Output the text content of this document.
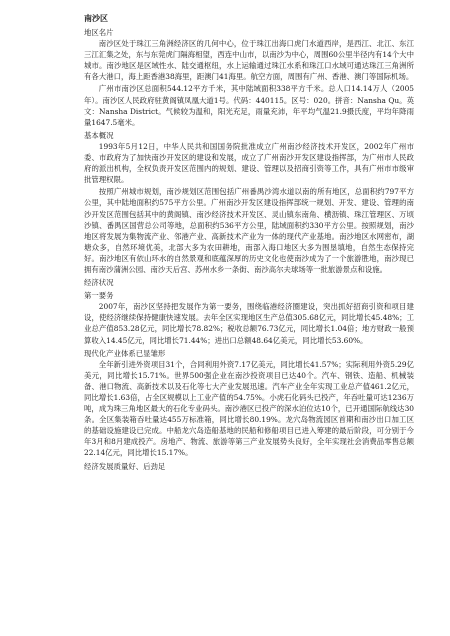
南沙区
地区名片

南沙区处于珠江三角洲经济区的几何中心，位于珠江出海口虎门水道西岸，是西江、北江、东江三江汇集之处，东与东莞虎门隔海相望，西连中山市，以南沙为中心，周围60公里半径内有14个大中城市。南沙地区是区域性水、陆交通枢纽，水上运输通过珠江水系和珠江口水域可通达珠江三角洲所有各大港口，海上距香港38海里，距澳门41海里。航空方面，周围有广州、香港、澳门等国际机场。

广州市南沙区总面积544.12平方千米，其中陆域面积338平方千米。总人口14.14万人（2005年）。南沙区人民政府驻黄阁镇凤凰大道1号。代码：440115。区号：020。拼音：Nansha Qu。英文：Nansha District。气候较为温和，阳光充足，雨量充沛，年平均气温21.9摄氏度，平均年降雨量1647.5毫米。

基本概况

1993年5月12日，中华人民共和国国务院批准成立广州南沙经济技术开发区，2002年广州市委、市政府为了加快南沙开发区的建设和发展，成立了广州南沙开发区建设指挥部，为广州市人民政府的派出机构，全权负责开发区范围内的规划、建设、管理以及招商引资等工作，具有广州市市级审批管理权限。

按照广州城市规划，南沙规划区范围包括广州番禺沙湾水道以南的所有地区，总面积约797平方公里，其中陆地面积约575平方公里。广州南沙开发区建设指挥部统一规划、开发、建设、管理的南沙开发区范围包括其中的黄阁镇、南沙经济技术开发区、灵山镇东南角、横沥镇、珠江管理区、万顷沙镇、番禺区国营总公司等地，总面积约536平方公里，陆域面积约330平方公里。按照规划，南沙地区将发展为集物流产业、邻港产业、高新技术产业为一体的现代产业基地。南沙地区水网密布，湖塘众多，自然环境优美，北部大多为农田耕地，南部入海口地区大多为围垦填地，自然生态保持完好。南沙地区有依山环水的自然景观和底蕴深厚的历史文化也使南沙成为了一个旅游胜地，南沙现已拥有南沙蒲洲公园、南沙天后宫、苏州水乡一条街、南沙高尔夫球场等一批旅游景点和设施。

经济状况
第一要务

2007年，南沙区坚持把发展作为第一要务，围绕临港经济圈建设，突出抓好招商引资和项目建设，使经济继续保持健康快速发展。去年全区实现地区生产总值305.68亿元，同比增长45.48%；工业总产值853.28亿元，同比增长78.82%；税收总额76.73亿元，同比增长1.04倍；地方财政一般预算收入14.45亿元，同比增长71.44%；进出口总额48.64亿美元，同比增长53.60%。

现代化产业体系已显雏形

全年新引进外资项目31个，合同利用外资7.17亿美元，同比增长41.57%；实际利用外资5.29亿美元，同比增长15.71%。世界500强企业在南沙投资项目已达40个。汽车、钢铁、造船、机械装备、港口物流、高新技术以及石化等七大产业发展迅速。汽车产业全年实现工业总产值461.2亿元，同比增长1.63倍，占全区规模以上工业产值的54.75%。小虎石化码头已投产，年吞吐量可达1236万吨，成为珠三角地区最大的石化专业码头。南沙港区已投产的深水泊位达10个，已开通国际航线达30条。全区集装箱吞吐量达455万标准箱，同比增长80.19%。龙穴岛物流园区首期和南沙出口加工区的基础设施建设已完成。中船龙穴岛造船基地的民船和修船项目已进入筹建的最后阶段，可分别于今年3月和8月建成投产。房地产、物流、旅游等第三产业发展势头良好，全年实现社会消费品零售总额22.14亿元，同比增长15.17%。

经济发展质量好、后劲足
